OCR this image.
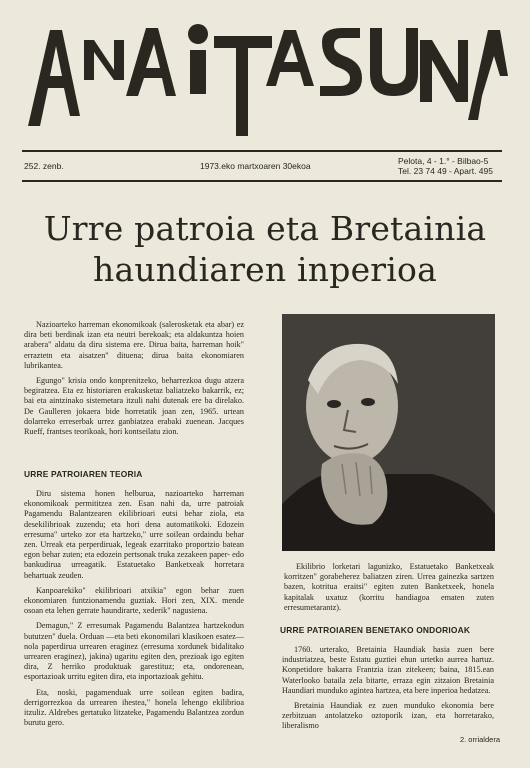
252. zenb.	1973.eko martxoaren 30ekoa	Pelota, 4 - 1.° - Bilbao-5
Tel. 23 74 49 - Apart. 495
Urre patroia eta Bretainia
haundiaren inperioa

Nazioarteko harreman ekonomikoak (salerosketak eta abar) ez dira beti berdinak izan eta neutri berekoak; eta aldakuntza hoien arabera" aldatu da diru sistema ere. Dirua baita, harreman hoik" erraztetn eta aisatzen" dituena; dirua baita ekonomiaren lubrikantea.

Egungo" krisia ondo konprenitzeko, beharrezkoa dugu atzera begiratzea. Eta ez historiaren erakusketaz baliatzeko bakarrik, ez; bai eta aintzinako sistemetara itzuli nahi dutenak ere ba direlako. De Gaulleren jokaera bide horretatik joan zen, 1965. urtean dolarreko erreserbak urrez ganbiatzea erabaki zuenean. Jacques Rueff, frantses teorikoak, hori kontseilatu zion.

URRE PATROIAREN TEORIA

Diru sistema honen helburua, nazioarteko harreman ekonomikoak permititzea zen. Esan nahi da, urre patroiak Pagamendu Balantzearen ekilibrioari eutsi behar ziola, eta desekilibrioak zuzendu; eta hori dena automatikoki. Edozein erresuma" urteko zor eta hartzeko," urre soilean ordaindu behar zen. Urreak eta perperdiruak, legeak ezarritako proportzio batean egon behar zuten; eta edozein pertsonak truka zezakeen paper- edo bankudirua urreagatik. Estatuetako Banketxeak horretara behartuak zeuden.

Kanpoarekiko" ekilibrioari atxikia" egon behar zuen ekonomiaren funtzionamendu guztiak. Hori zen, XIX. mende osoan eta lehen gerrate haundirarte, xederik" nagusiena.

Demagun," Z erresumak Pagamendu Balantzea hartzekodun bututzen" duela. Orduan —eta beti ekonomilari klasikoen esatez— nola paperdirua urrearen eraginez (erresuma xordunek bidalitako urrearen eraginez), jakina) ugaritu egiten den, prezioak igo egiten dira, Z herriko produktuak garestituz; eta, ondorenean, esportazioak urritu egiten dira, eta inportazioak gehitu.

Eta, noski, pagamenduak urre soilean egiten badira, derrigorrezkoa da urrearen ihestea," honela lehengo ekilibrioa itzuliz. Aldrebes gertatuko litzateke, Pagamendu Balantzea zordun burutu gero.

Ekilibrio lorketari lagunizko, Estatuetako Banketxeak korritzen" gorabeherez baliatzen ziren. Urrea gainezka sartzen bazen, kotritua eraitsi" egiten zuten Banketxeek, honela kapitalak uxatuz (korritu handiagoa ematen zuten erresumetarantz).

URRE PATROIAREN BENETAKO ONDORIOAK

1760. urterako, Bretainia Haundiak hasia zuen bere industriatzea, beste Estatu guztiei ehun urtetko aurrea hartuz. Konpetidore bakarra Frantzia izan zitekeen; baina, 1815.ean Waterlooko bataila zela bitarte, erraza egin zitzaion Bretainia Haundiari munduko agintea hartzea, eta bere inperioa hedatzea.

Bretainia Haundiak ez zuen munduko ekonomia bere zerbitzuan antolatzeko oztoporik izan, eta horretarako, liberalismo

2. orrialdera
